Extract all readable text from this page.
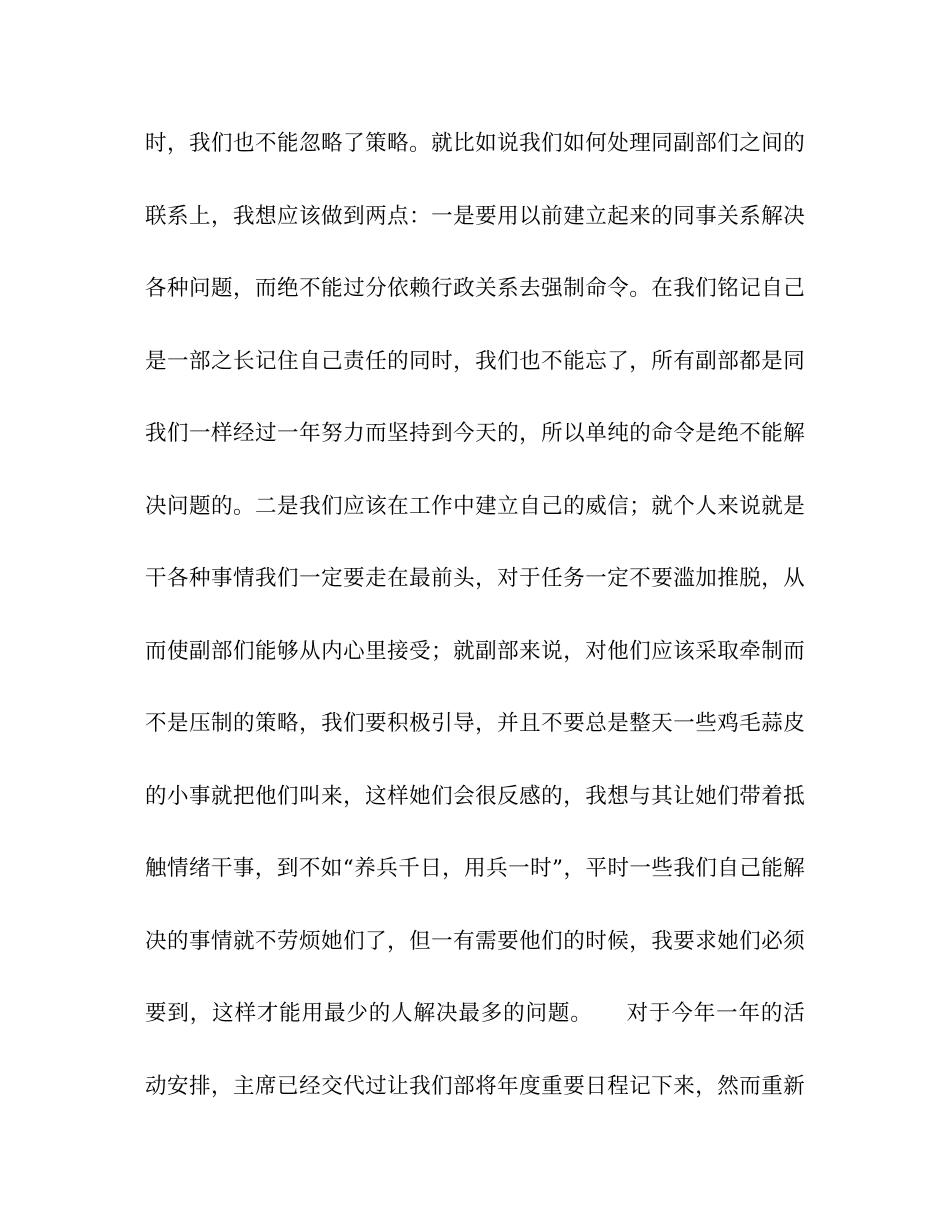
时，我们也不能忽略了策略。就比如说我们如何处理同副部们之间的
联系上，我想应该做到两点：一是要用以前建立起来的同事关系解决
各种问题，而绝不能过分依赖行政关系去强制命令。在我们铭记自己
是一部之长记住自己责任的同时，我们也不能忘了，所有副部都是同
我们一样经过一年努力而坚持到今天的，所以单纯的命令是绝不能解
决问题的。二是我们应该在工作中建立自己的威信；就个人来说就是
干各种事情我们一定要走在最前头，对于任务一定不要滥加推脱，从
而使副部们能够从内心里接受；就副部来说，对他们应该采取牵制而
不是压制的策略，我们要积极引导，并且不要总是整天一些鸡毛蒜皮
的小事就把他们叫来，这样她们会很反感的，我想与其让她们带着抵
触情绪干事，到不如“养兵千日，用兵一时”，平时一些我们自己能解
决的事情就不劳烦她们了，但一有需要他们的时候，我要求她们必须
要到，这样才能用最少的人解决最多的问题。　　对于今年一年的活
动安排，主席已经交代过让我们部将年度重要日程记下来，然而重新
